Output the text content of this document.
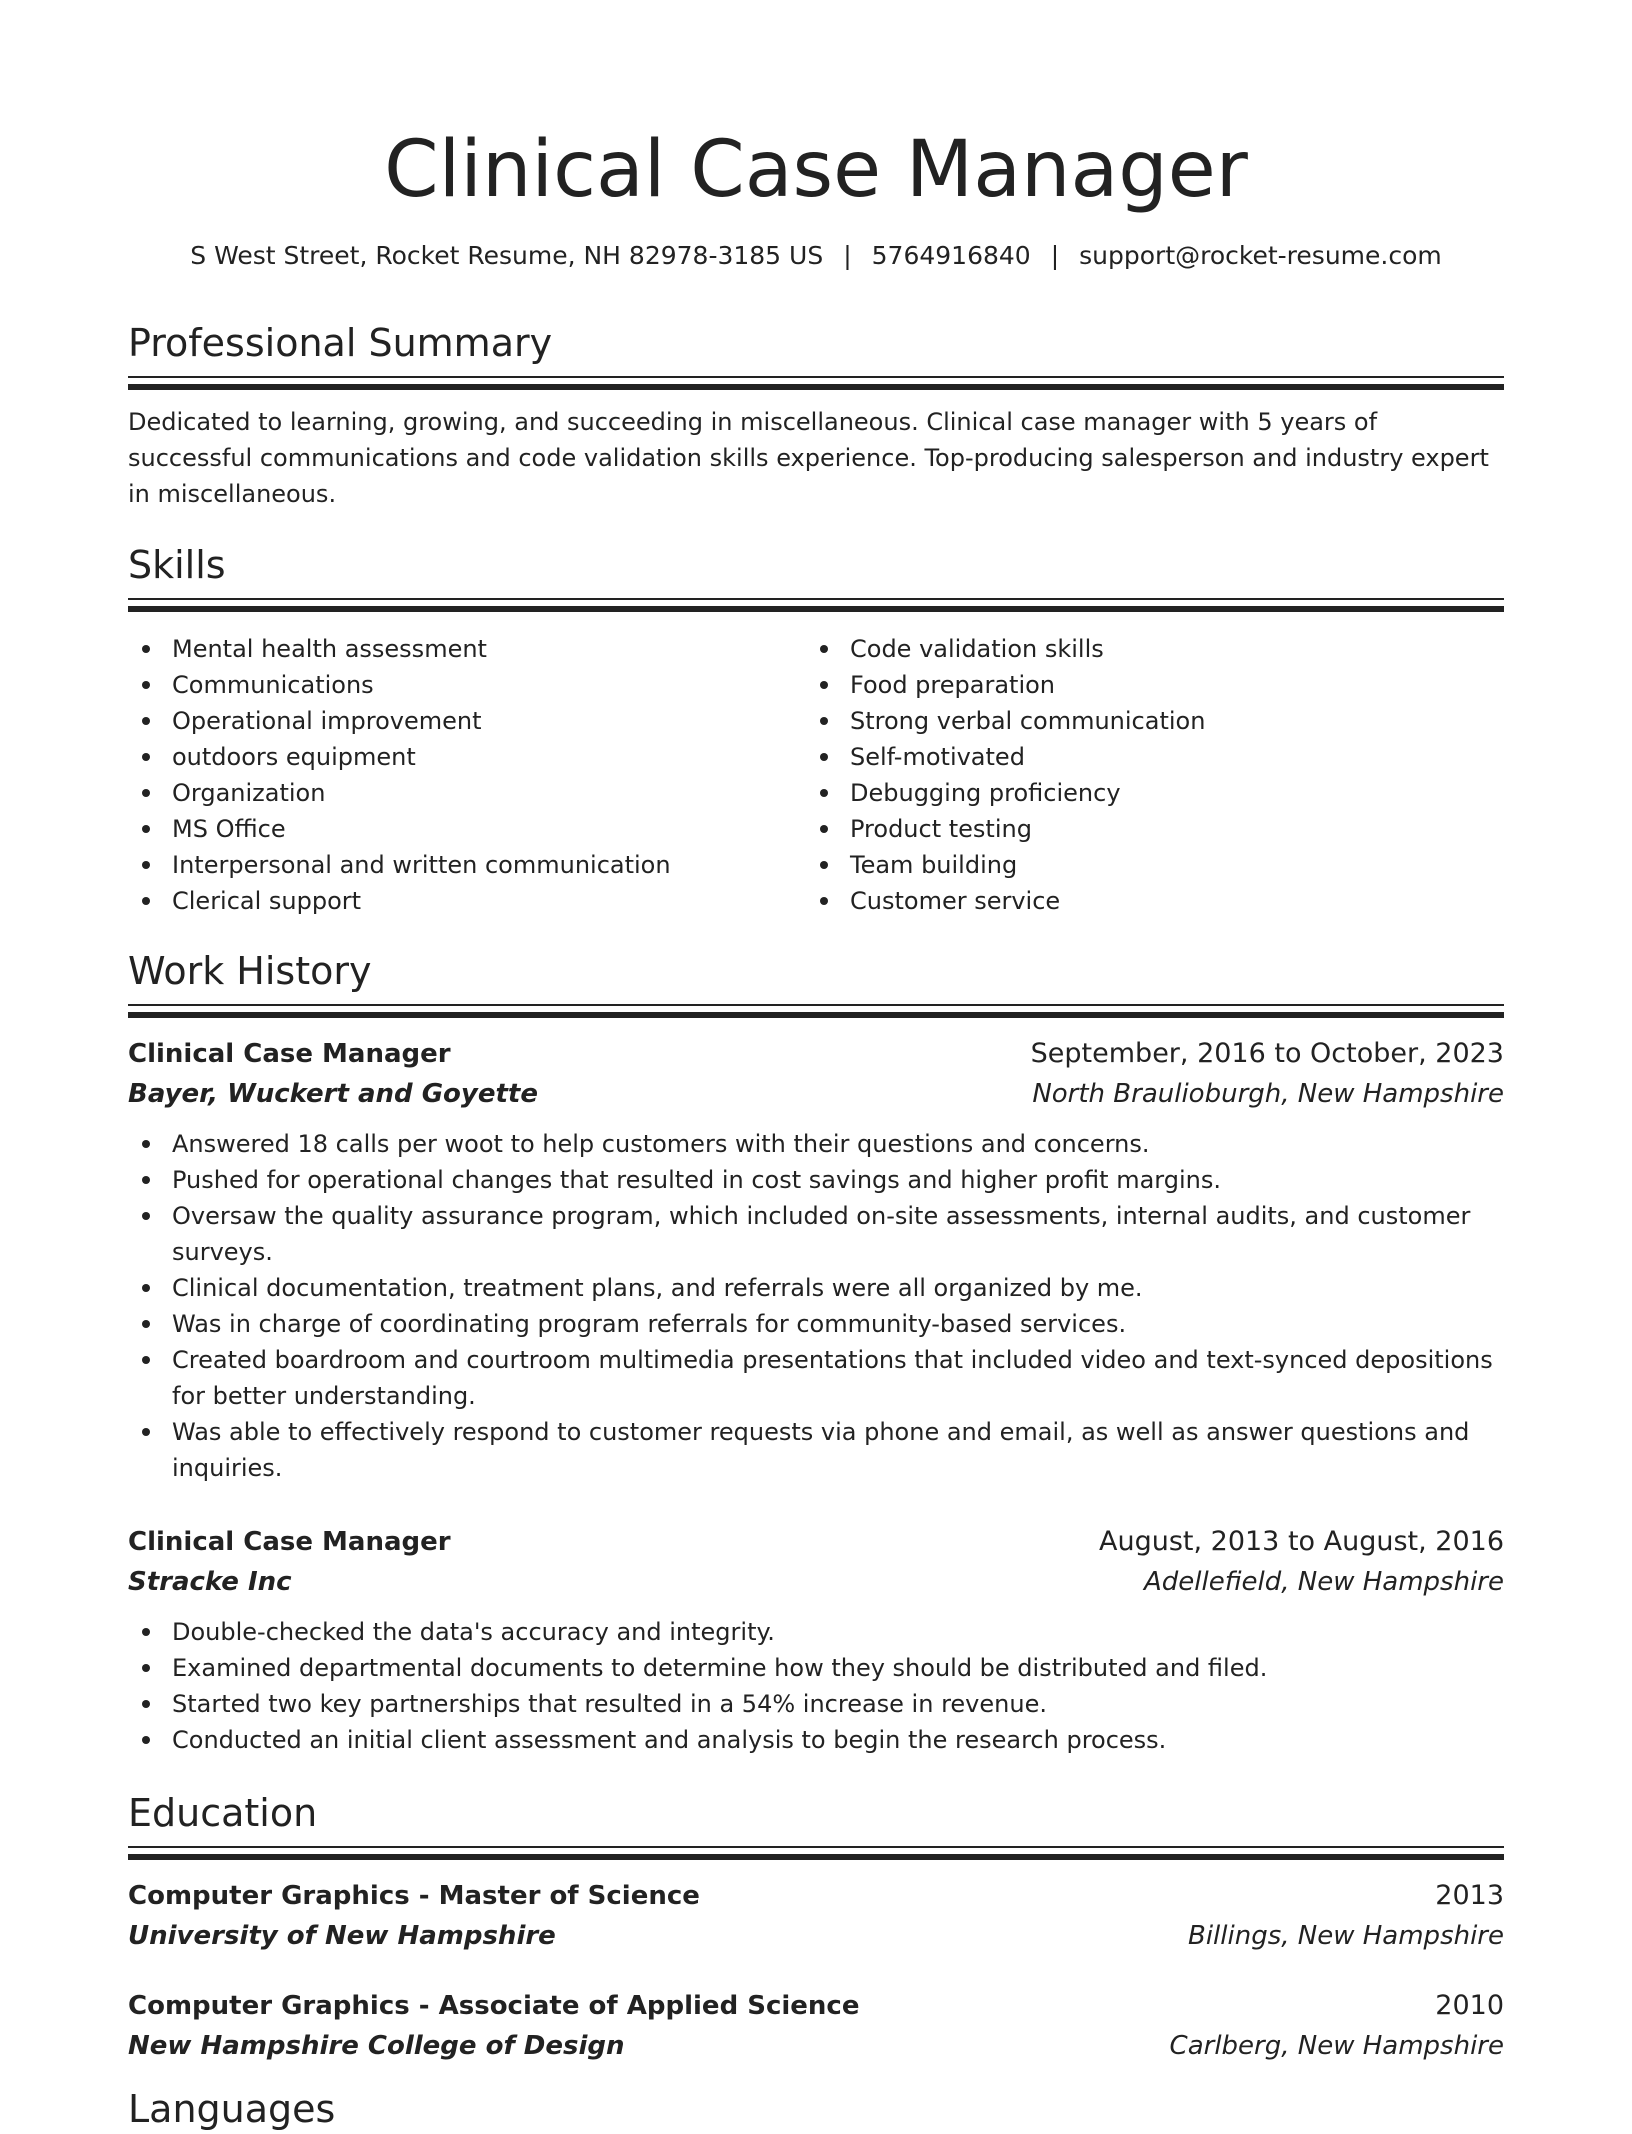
Clinical Case Manager
S West Street, Rocket Resume, NH 82978-3185 US | 5764916840 | support@rocket-resume.com
Professional Summary

Dedicated to learning, growing, and succeeding in miscellaneous. Clinical case manager with 5 years of successful communications and code validation skills experience. Top-producing salesperson and industry expert in miscellaneous.

Skills
Mental health assessment
Communications
Operational improvement
outdoors equipment
Organization
MS Office
Interpersonal and written communication
Clerical support
Code validation skills
Food preparation
Strong verbal communication
Self-motivated
Debugging proficiency
Product testing
Team building
Customer service
Work History
Clinical Case Manager	September, 2016 to October, 2023
Bayer, Wuckert and Goyette	North Braulioburgh, New Hampshire
Answered 18 calls per woot to help customers with their questions and concerns.
Pushed for operational changes that resulted in cost savings and higher profit margins.
Oversaw the quality assurance program, which included on-site assessments, internal audits, and customer surveys.
Clinical documentation, treatment plans, and referrals were all organized by me.
Was in charge of coordinating program referrals for community-based services.
Created boardroom and courtroom multimedia presentations that included video and text-synced depositions for better understanding.
Was able to effectively respond to customer requests via phone and email, as well as answer questions and inquiries.
Clinical Case Manager	August, 2013 to August, 2016
Stracke Inc	Adellefield, New Hampshire
Double-checked the data's accuracy and integrity.
Examined departmental documents to determine how they should be distributed and filed.
Started two key partnerships that resulted in a 54% increase in revenue.
Conducted an initial client assessment and analysis to begin the research process.
Education
Computer Graphics - Master of Science	2013
University of New Hampshire	Billings, New Hampshire
Computer Graphics - Associate of Applied Science	2010
New Hampshire College of Design	Carlberg, New Hampshire
Languages
